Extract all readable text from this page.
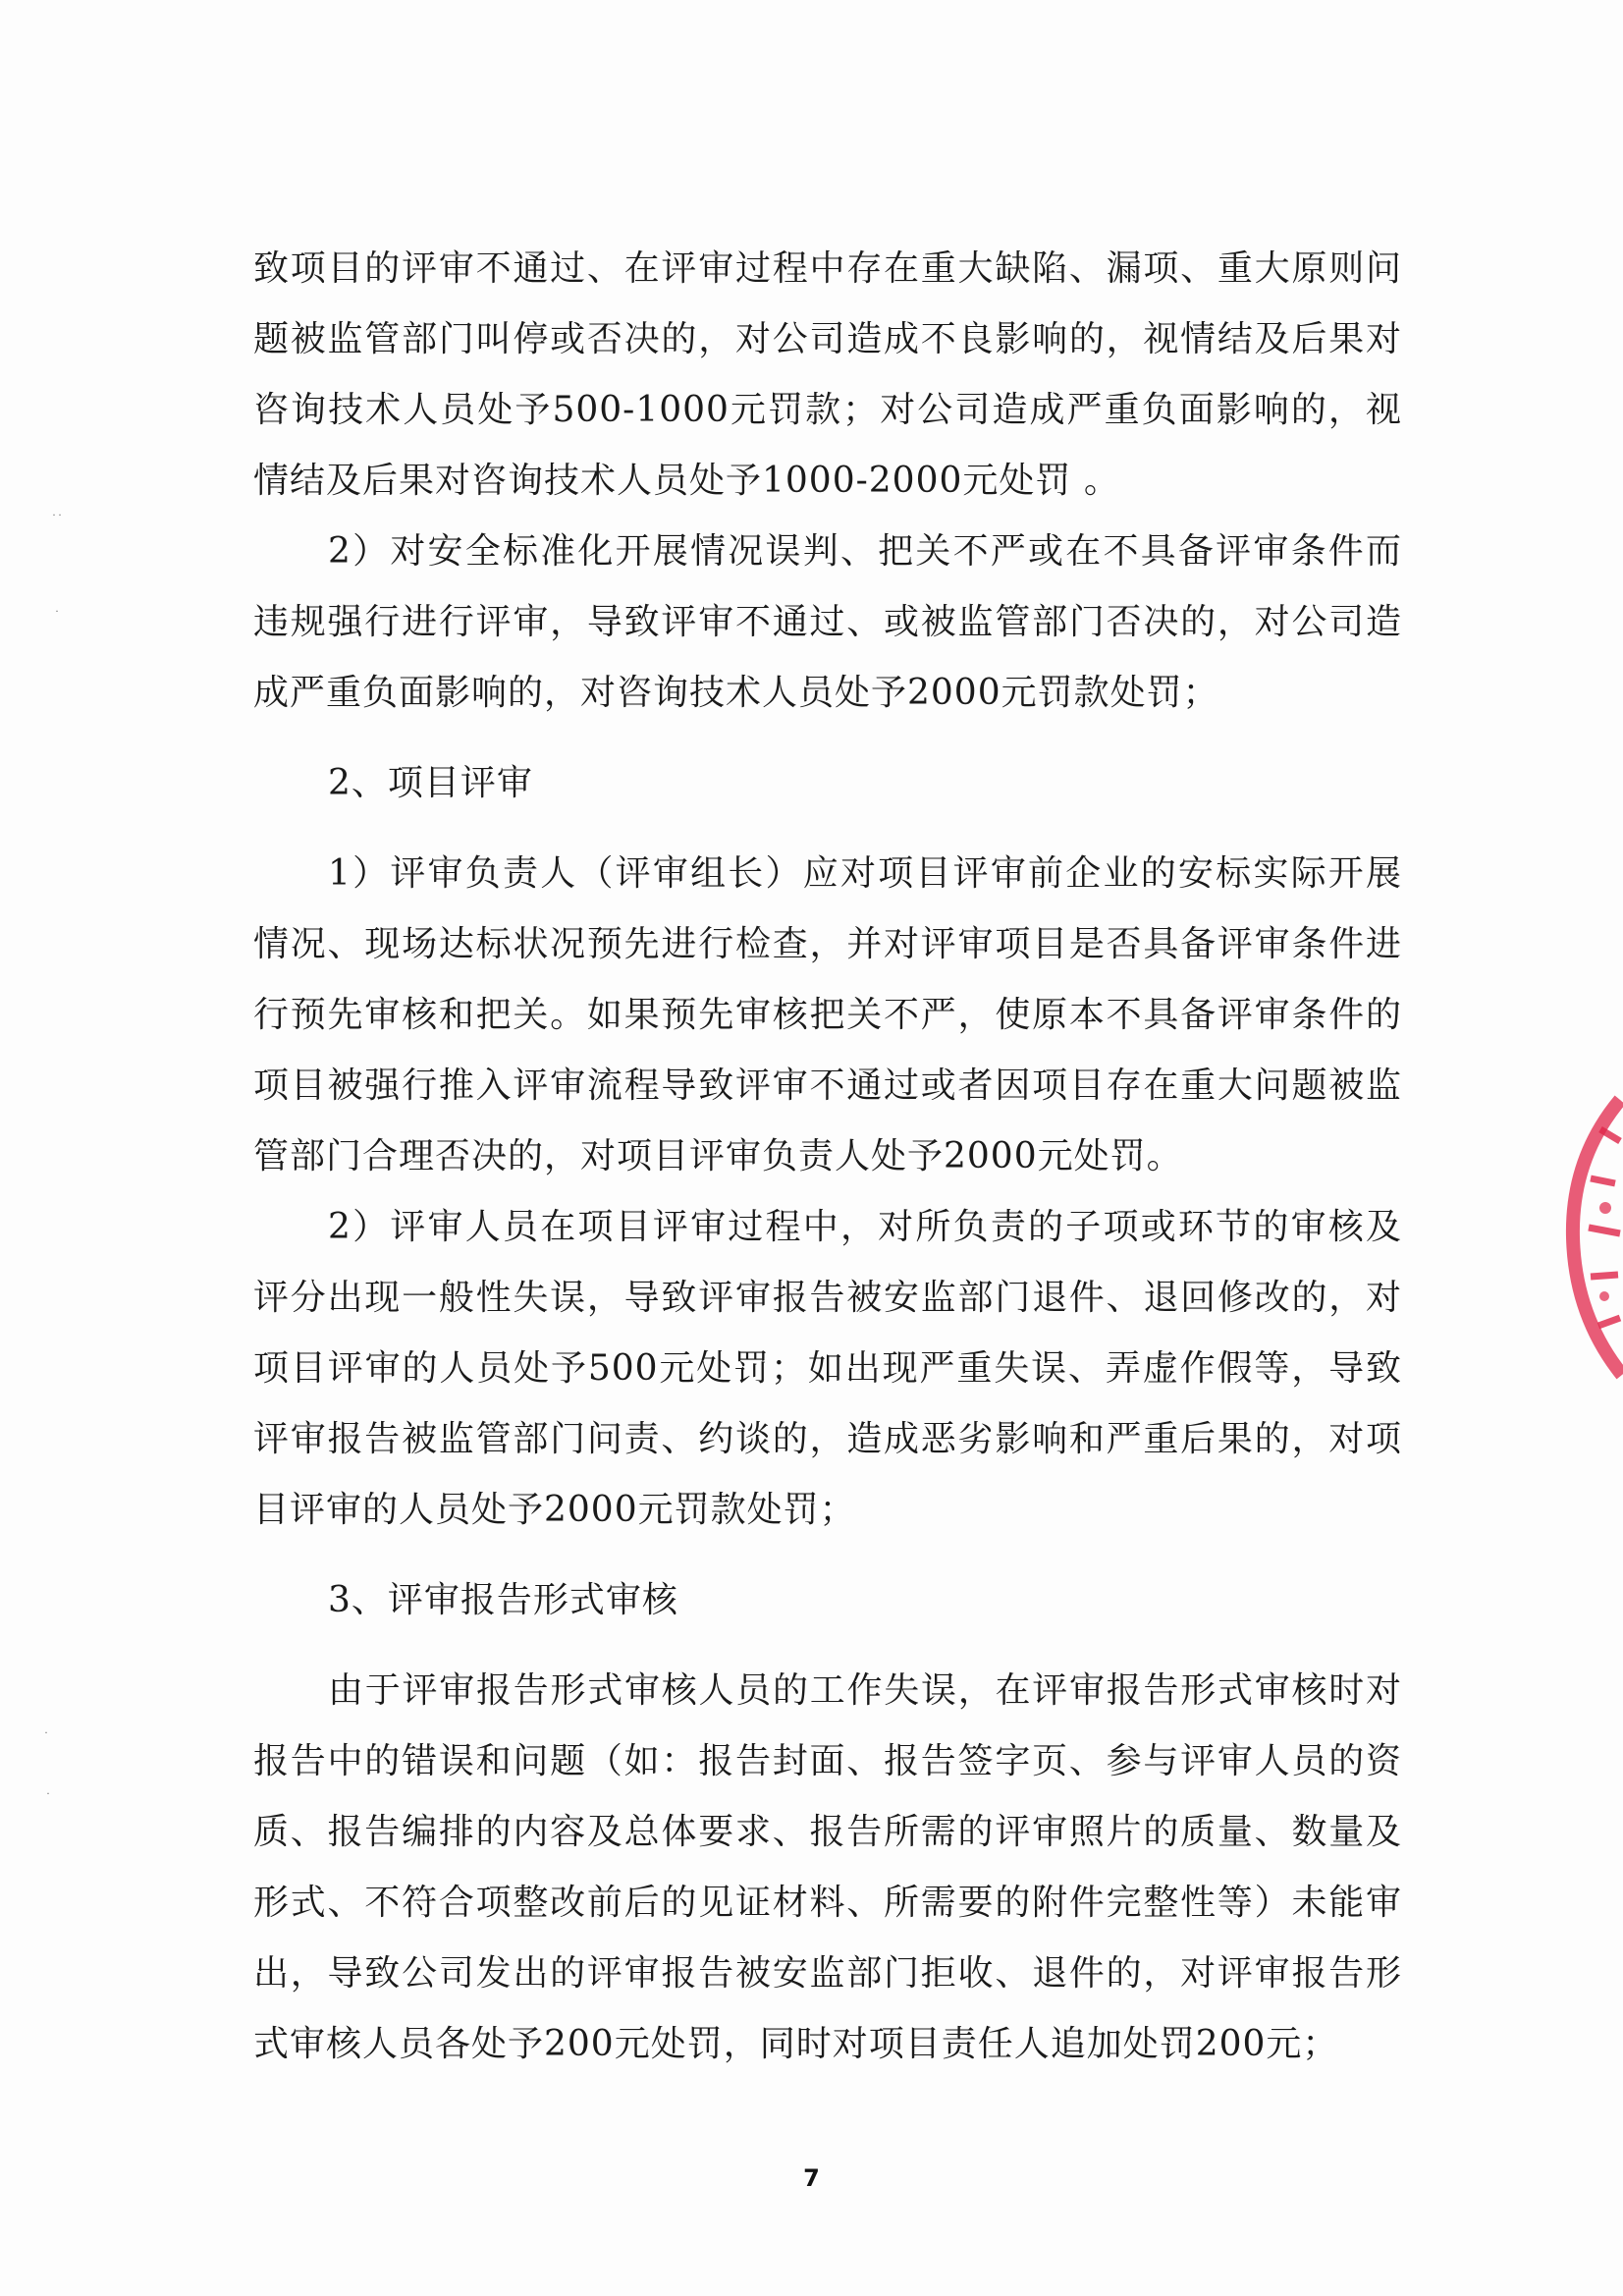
致项目的评审不通过、在评审过程中存在重大缺陷、漏项、重大原则问题被监管部门叫停或否决的，对公司造成不良影响的，视情结及后果对咨询技术人员处予500-1000元罚款；对公司造成严重负面影响的，视情结及后果对咨询技术人员处予1000-2000元处罚 。

2）对安全标准化开展情况误判、把关不严或在不具备评审条件而违规强行进行评审，导致评审不通过、或被监管部门否决的，对公司造成严重负面影响的，对咨询技术人员处予2000元罚款处罚；

2、项目评审

1）评审负责人（评审组长）应对项目评审前企业的安标实际开展情况、现场达标状况预先进行检查，并对评审项目是否具备评审条件进行预先审核和把关。如果预先审核把关不严，使原本不具备评审条件的项目被强行推入评审流程导致评审不通过或者因项目存在重大问题被监管部门合理否决的，对项目评审负责人处予2000元处罚。

2）评审人员在项目评审过程中，对所负责的子项或环节的审核及评分出现一般性失误，导致评审报告被安监部门退件、退回修改的，对项目评审的人员处予500元处罚；如出现严重失误、弄虚作假等，导致评审报告被监管部门问责、约谈的，造成恶劣影响和严重后果的，对项目评审的人员处予2000元罚款处罚；

3、评审报告形式审核

由于评审报告形式审核人员的工作失误，在评审报告形式审核时对报告中的错误和问题（如：报告封面、报告签字页、参与评审人员的资质、报告编排的内容及总体要求、报告所需的评审照片的质量、数量及形式、不符合项整改前后的见证材料、所需要的附件完整性等）未能审出，导致公司发出的评审报告被安监部门拒收、退件的，对评审报告形式审核人员各处予200元处罚，同时对项目责任人追加处罚200元；

˙˙
˙
˙
˙
7
